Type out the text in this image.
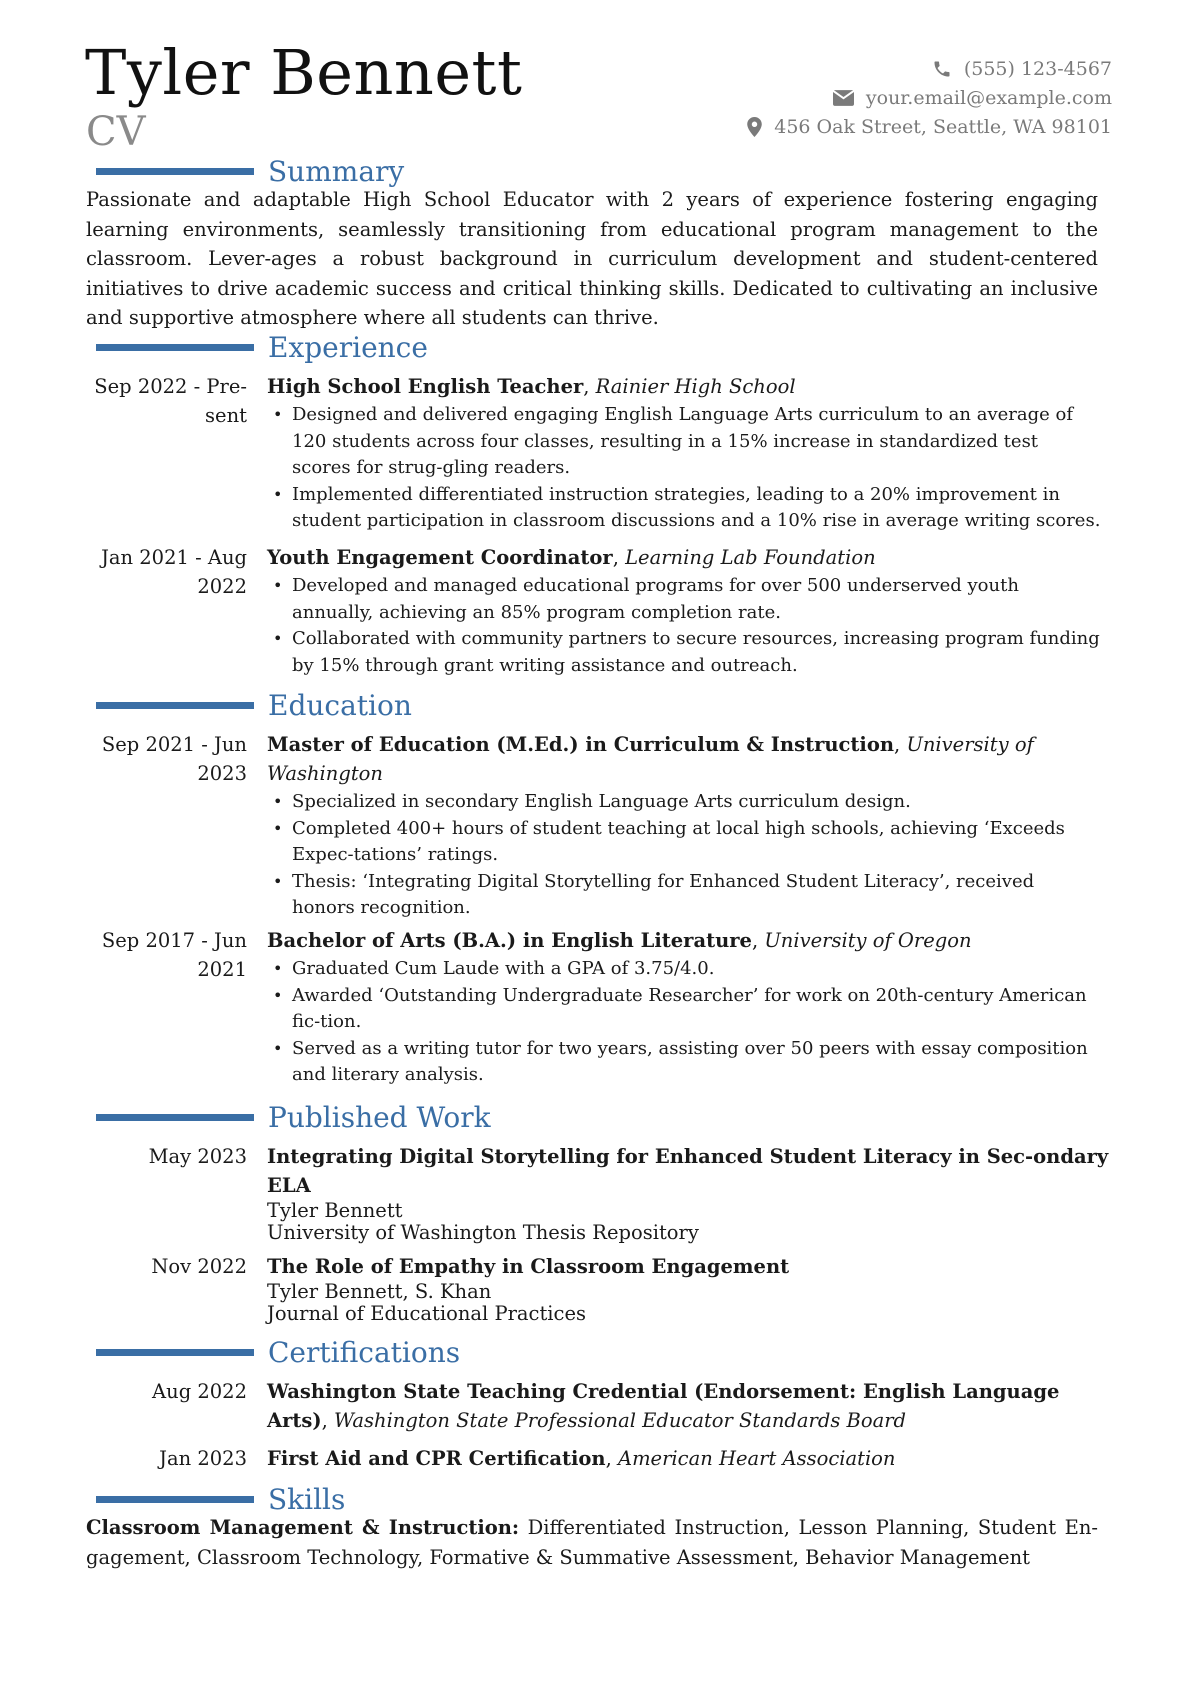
Tyler Bennett
CV
(555) 123-4567
your.email@example.com
456 Oak Street, Seattle, WA 98101
Summary
Passionate and adaptable High School Educator with 2 years of experience fostering engaging learning environments, seamlessly transitioning from educational program management to the classroom. Lever-ages a robust background in curriculum development and student-centered initiatives to drive academic success and critical thinking skills. Dedicated to cultivating an inclusive and supportive atmosphere where all students can thrive.
Experience
Sep 2022 - Pre-sent
High School English Teacher, Rainier High School
• Designed and delivered engaging English Language Arts curriculum to an average of 120 students across four classes, resulting in a 15% increase in standardized test scores for strug-gling readers.
• Implemented differentiated instruction strategies, leading to a 20% improvement in student participation in classroom discussions and a 10% rise in average writing scores.
Jan 2021 - Aug 2022
Youth Engagement Coordinator, Learning Lab Foundation
• Developed and managed educational programs for over 500 underserved youth annually, achieving an 85% program completion rate.
• Collaborated with community partners to secure resources, increasing program funding by 15% through grant writing assistance and outreach.
Education
Sep 2021 - Jun 2023
Master of Education (M.Ed.) in Curriculum & Instruction, University of Washington
• Specialized in secondary English Language Arts curriculum design.
• Completed 400+ hours of student teaching at local high schools, achieving ‘Exceeds Expec-tations’ ratings.
• Thesis: ‘Integrating Digital Storytelling for Enhanced Student Literacy’, received honors recognition.
Sep 2017 - Jun 2021
Bachelor of Arts (B.A.) in English Literature, University of Oregon
• Graduated Cum Laude with a GPA of 3.75/4.0.
• Awarded ‘Outstanding Undergraduate Researcher’ for work on 20th-century American fic-tion.
• Served as a writing tutor for two years, assisting over 50 peers with essay composition and literary analysis.
Published Work
May 2023 Integrating Digital Storytelling for Enhanced Student Literacy in Sec-ondary ELA
Tyler Bennett
University of Washington Thesis Repository
Nov 2022 The Role of Empathy in Classroom Engagement
Tyler Bennett, S. Khan
Journal of Educational Practices
Certifications
Aug 2022 Washington State Teaching Credential (Endorsement: English Language Arts), Washington State Professional Educator Standards Board
Jan 2023 First Aid and CPR Certification, American Heart Association
Skills
Classroom Management & Instruction: Differentiated Instruction, Lesson Planning, Student En-gagement, Classroom Technology, Formative & Summative Assessment, Behavior Management
